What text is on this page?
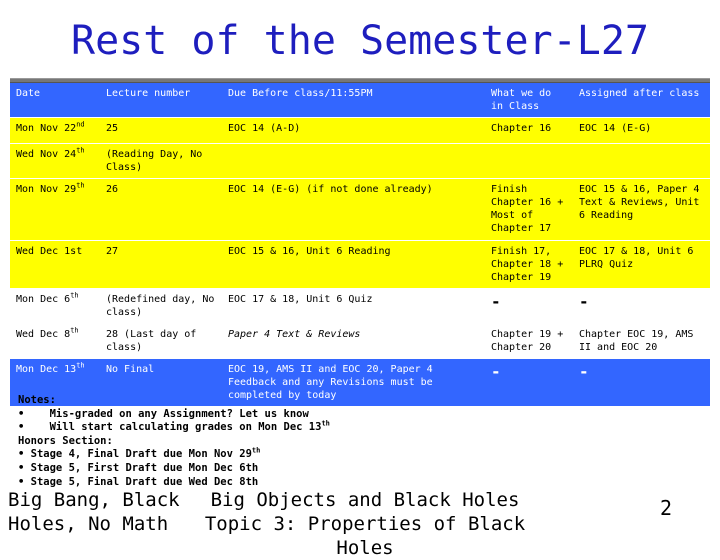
Rest of the Semester-L27
Date	Lecture number	Due Before class/11:55PM	What we do in Class	Assigned after class
Mon Nov 22nd	25	EOC 14 (A-D)	Chapter 16	EOC 14 (E-G)
Wed Nov 24th	(Reading Day, No Class)			
Mon Nov 29th	26	EOC 14 (E-G) (if not done already)	Finish Chapter 16 + Most of Chapter 17	EOC 15 & 16, Paper 4 Text & Reviews, Unit 6 Reading
Wed Dec 1st	27	EOC 15 & 16, Unit 6 Reading	Finish 17, Chapter 18 + Chapter 19	EOC 17 & 18, Unit 6 PLRQ Quiz
Mon Dec 6th	(Redefined day, No class)	EOC 17 & 18, Unit 6 Quiz	-	-
Wed Dec 8th	28 (Last day of class)	Paper 4 Text & Reviews	Chapter 19 + Chapter 20	Chapter EOC 19, AMS II and EOC 20
Mon Dec 13th	No Final	EOC 19, AMS II and EOC 20, Paper 4 Feedback and any Revisions must be completed by today	-	-
Notes:
•    Mis-graded on any Assignment? Let us know
•    Will start calculating grades on Mon Dec 13th
Honors Section:
• Stage 4, Final Draft due Mon Nov 29th
• Stage 5, First Draft due Mon Dec 6th
• Stage 5, Final Draft due Wed Dec 8th
Big Bang, Black
Holes, No Math
Big Objects and Black Holes
Topic 3: Properties of Black Holes
2
